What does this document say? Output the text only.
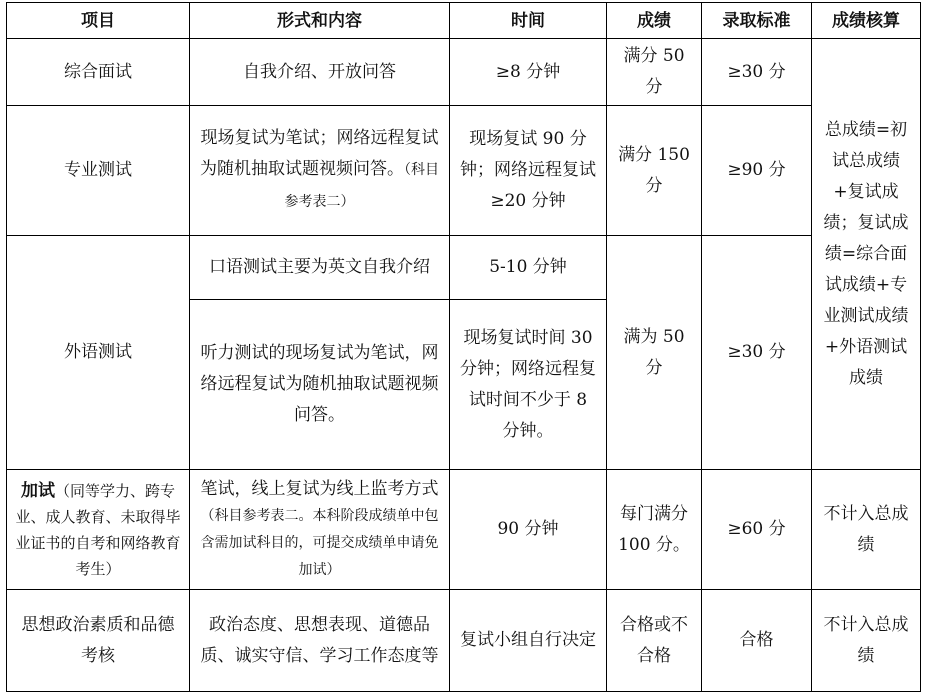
项目	形式和内容	时间	成绩	录取标准	成绩核算
综合面试	自我介绍、开放问答	≥8 分钟	满分 50 分	≥30 分	总成绩=初试总成绩+复试成绩；复试成绩=综合面试成绩+专业测试成绩+外语测试成绩
专业测试	现场复试为笔试；网络远程复试为随机抽取试题视频问答。（科目参考表二）	现场复试 90 分钟；网络远程复试≥20 分钟	满分 150 分	≥90 分	
外语测试	口语测试主要为英文自我介绍	5-10 分钟	满为 50 分	≥30 分	
	听力测试的现场复试为笔试，网络远程复试为随机抽取试题视频问答。	现场复试时间 30 分钟；网络远程复试时间不少于 8 分钟。			
加试（同等学力、跨专业、成人教育、未取得毕业证书的自考和网络教育考生）	笔试，线上复试为线上监考方式（科目参考表二。本科阶段成绩单中包含需加试科目的，可提交成绩单申请免加试）	90 分钟	每门满分 100 分。	≥60 分	不计入总成绩
思想政治素质和品德考核	政治态度、思想表现、道德品质、诚实守信、学习工作态度等	复试小组自行决定	合格或不合格	合格	不计入总成绩
